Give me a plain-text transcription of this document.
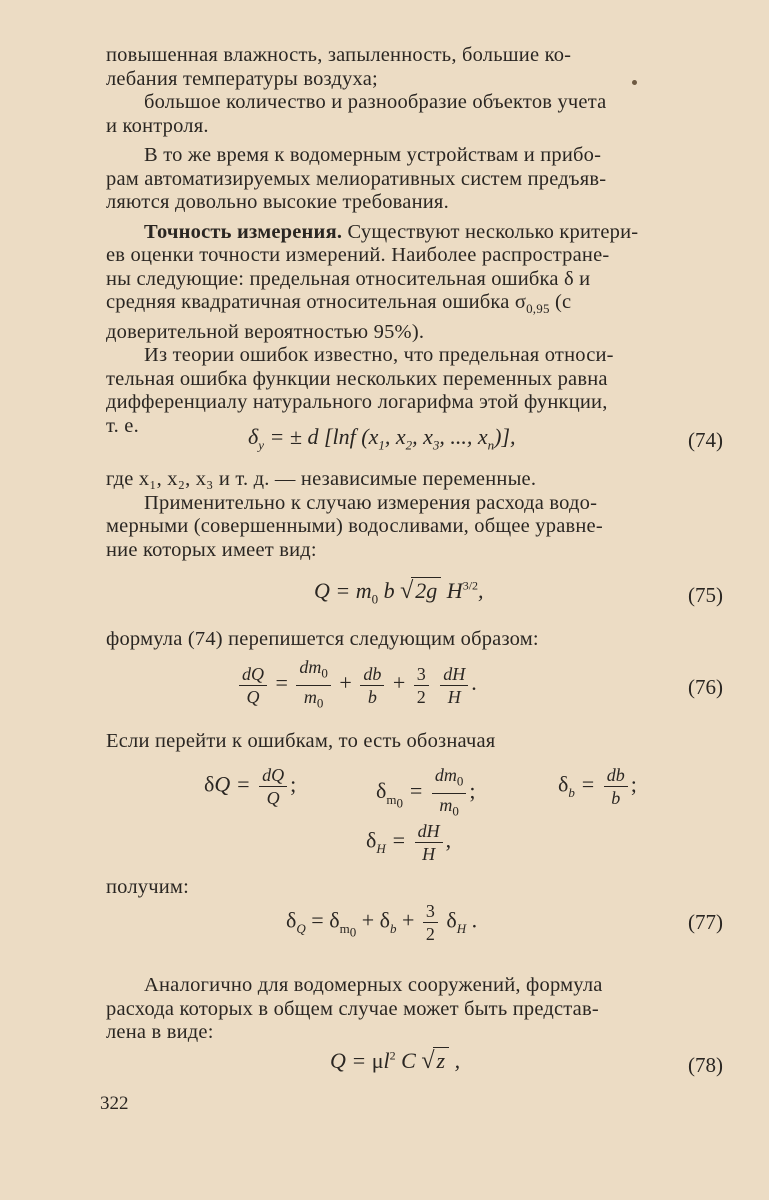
повышенная влажность, запыленность, большие ко-

лебания температуры воздуха;

большое количество и разнообразие объектов учета

и контроля.

В то же время к водомерным устройствам и прибо-

рам автоматизируемых мелиоративных систем предъяв-

ляются довольно высокие требования.

Точность измерения. Существуют несколько критери-

ев оценки точности измерений. Наиболее распростране-

ны следующие: предельная относительная ошибка δ и

средняя квадратичная относительная ошибка $\sigma_{0,95}$ (с

доверительной вероятностью 95%).

Из теории ошибок известно, что предельная относи-

тельная ошибка функции нескольких переменных равна

дифференциалу натурального логарифма этой функции,

т. е.	$\delta_y$ = ± d [lnf ($x_1$, $x_2$, $x_3$, ..., $x_n$)],	(74)

где x₁, x₂, x₃ и т. д. — независимые переменные.

Применительно к случаю измерения расхода водо-

мерными (совершенными) водосливами, общее уравне-

ние которых имеет вид:

$Q = m_0$ b √2g $H^{3/2}$,	(75)

формула (74) перепишется следующим образом:

$\frac{dQ}{Q} = \frac{dm_0}{m_0} + \frac{db}{b} + \frac{3}{2}$
$\frac{dH}{H}$ .	(76)

Если перейти к ошибкам, то есть обозначая

$\delta Q = \frac{dQ}{Q}$ ;	$\delta_{m_0} = \frac{dm_0}{m_0}$ ;	$\delta_b = \frac{db}{b}$ ;
$\delta_H = \frac{dH}{H}$ ,

получим:

$\delta_Q = \delta_{m_0} + \delta_b + \frac{3}{2} \delta_H$ .	(77)

Аналогично для водомерных сооружений, формула

расхода которых в общем случае может быть представ-

лена в виде:

$Q = \mu l^2$ C √z ,	(78)
322
